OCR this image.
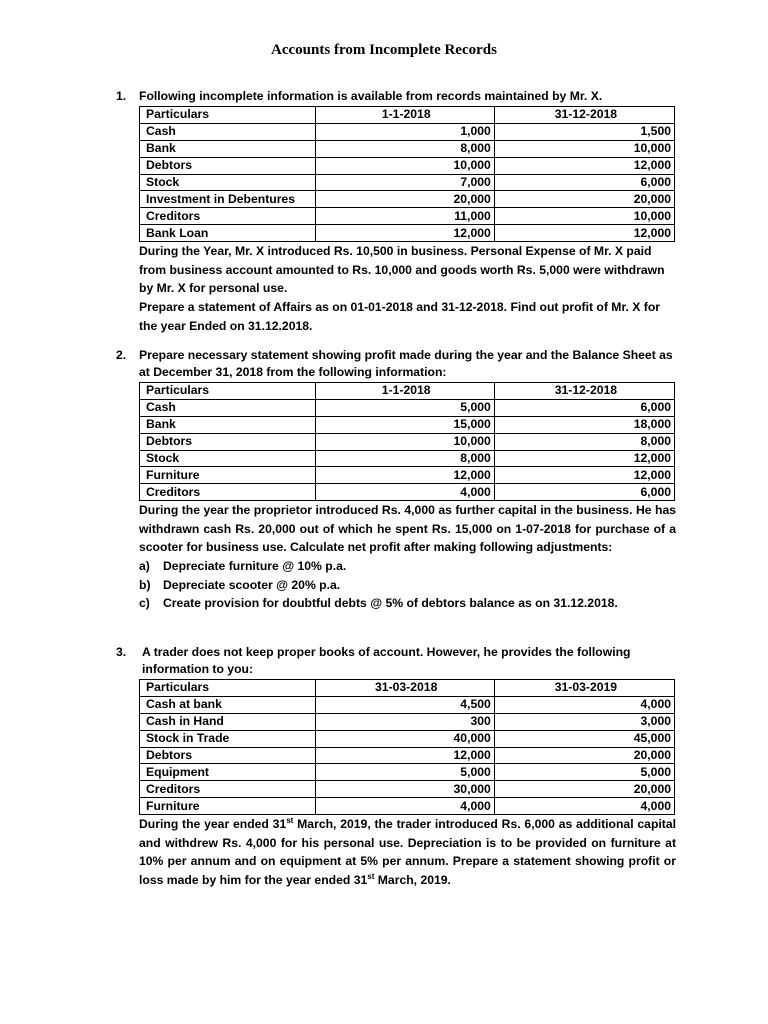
Accounts from Incomplete Records
1. Following incomplete information is available from records maintained by Mr. X.
Particulars	1-1-2018	31-12-2018
Cash	1,000	1,500
Bank	8,000	10,000
Debtors	10,000	12,000
Stock	7,000	6,000
Investment in Debentures	20,000	20,000
Creditors	11,000	10,000
Bank Loan	12,000	12,000

During the Year, Mr. X introduced Rs. 10,500 in business. Personal Expense of Mr. X paid from business account amounted to Rs. 10,000 and goods worth Rs. 5,000 were withdrawn by Mr. X for personal use.

Prepare a statement of Affairs as on 01-01-2018 and 31-12-2018. Find out profit of Mr. X for the year Ended on 31.12.2018.

2. Prepare necessary statement showing profit made during the year and the Balance Sheet as at December 31, 2018 from the following information:
Particulars	1-1-2018	31-12-2018
Cash	5,000	6,000
Bank	15,000	18,000
Debtors	10,000	8,000
Stock	8,000	12,000
Furniture	12,000	12,000
Creditors	4,000	6,000

During the year the proprietor introduced Rs. 4,000 as further capital in the business. He has withdrawn cash Rs. 20,000 out of which he spent Rs. 15,000 on 1-07-2018 for purchase of a scooter for business use. Calculate net profit after making following adjustments:

a)	Depreciate furniture @ 10% p.a.
b)	Depreciate scooter @ 20% p.a.
c)	Create provision for doubtful debts @ 5% of debtors balance as on 31.12.2018.
3. A trader does not keep proper books of account. However, he provides the following information to you:
Particulars	31-03-2018	31-03-2019
Cash at bank	4,500	4,000
Cash in Hand	300	3,000
Stock in Trade	40,000	45,000
Debtors	12,000	20,000
Equipment	5,000	5,000
Creditors	30,000	20,000
Furniture	4,000	4,000

During the year ended 31st March, 2019, the trader introduced Rs. 6,000 as additional capital and withdrew Rs. 4,000 for his personal use. Depreciation is to be provided on furniture at 10% per annum and on equipment at 5% per annum. Prepare a statement showing profit or loss made by him for the year ended 31st March, 2019.
